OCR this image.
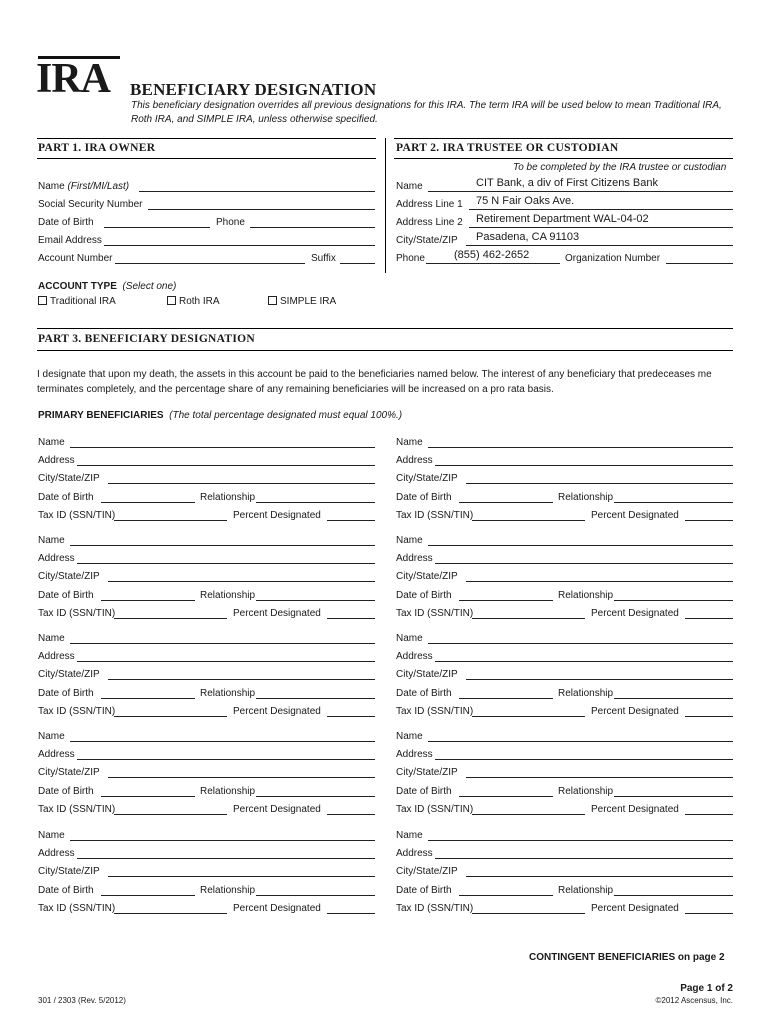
IRA BENEFICIARY DESIGNATION
This beneficiary designation overrides all previous designations for this IRA. The term IRA will be used below to mean Traditional IRA, Roth IRA, and SIMPLE IRA, unless otherwise specified.
PART 1. IRA OWNER	PART 2. IRA TRUSTEE OR CUSTODIAN
To be completed by the IRA trustee or custodian
Name (First/MI/Last)
Social Security Number
Date of Birth	Phone
Email Address
Account Number	Suffix
Name	CIT Bank, a div of First Citizens Bank
Address Line 1 75 N Fair Oaks Ave.
Address Line 2 Retirement Department WAL-04-02
City/State/ZIP Pasadena, CA 91103
Phone	(855) 462-2652	Organization Number
ACCOUNT TYPE (Select one)
Traditional IRA	Roth IRA	SIMPLE IRA
PART 3. BENEFICIARY DESIGNATION
I designate that upon my death, the assets in this account be paid to the beneficiaries named below. The interest of any beneficiary that predeceases me terminates completely, and the percentage share of any remaining beneficiaries will be increased on a pro rata basis.
PRIMARY BENEFICIARIES (The total percentage designated must equal 100%.)
Name
Address
City/State/ZIP
Date of Birth	Relationship
Tax ID (SSN/TIN)	Percent Designated
Name
Address
City/State/ZIP
Date of Birth	Relationship
Tax ID (SSN/TIN)	Percent Designated
Name
Address
City/State/ZIP
Date of Birth	Relationship
Tax ID (SSN/TIN)	Percent Designated
Name
Address
City/State/ZIP
Date of Birth	Relationship
Tax ID (SSN/TIN)	Percent Designated
Name
Address
City/State/ZIP
Date of Birth	Relationship
Tax ID (SSN/TIN)	Percent Designated
Name
Address
City/State/ZIP
Date of Birth	Relationship
Tax ID (SSN/TIN)	Percent Designated
Name
Address
City/State/ZIP
Date of Birth	Relationship
Tax ID (SSN/TIN)	Percent Designated
Name
Address
City/State/ZIP
Date of Birth	Relationship
Tax ID (SSN/TIN)	Percent Designated
Name
Address
City/State/ZIP
Date of Birth	Relationship
Tax ID (SSN/TIN)	Percent Designated
Name
Address
City/State/ZIP
Date of Birth	Relationship
Tax ID (SSN/TIN)	Percent Designated
CONTINGENT BENEFICIARIES on page 2
Page 1 of 2
301 / 2303 (Rev. 5/2012)	©2012 Ascensus, Inc.
